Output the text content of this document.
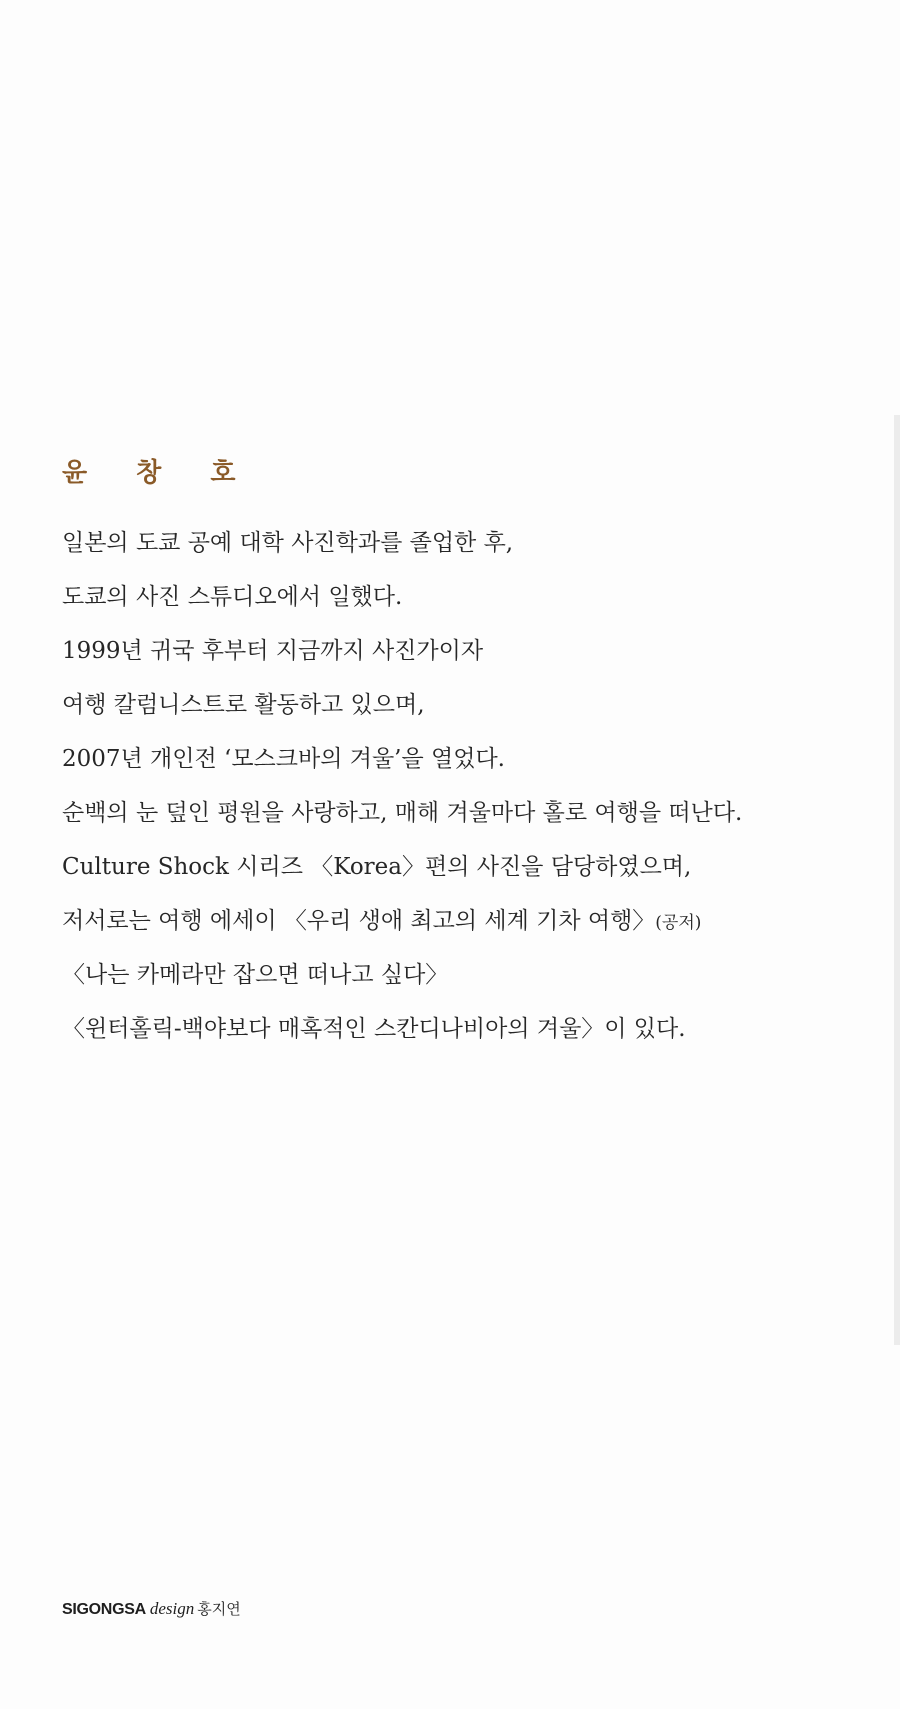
윤 창 호
일본의 도쿄 공예 대학 사진학과를 졸업한 후,
도쿄의 사진 스튜디오에서 일했다.
1999년 귀국 후부터 지금까지 사진가이자
여행 칼럼니스트로 활동하고 있으며,
2007년 개인전 ‘모스크바의 겨울’을 열었다.
순백의 눈 덮인 평원을 사랑하고, 매해 겨울마다 홀로 여행을 떠난다.
Culture Shock 시리즈 〈Korea〉편의 사진을 담당하였으며,
저서로는 여행 에세이 〈우리 생애 최고의 세계 기차 여행〉(공저)
〈나는 카메라만 잡으면 떠나고 싶다〉
〈윈터홀릭-백야보다 매혹적인 스칸디나비아의 겨울〉이 있다.
SIGONGSA design 홍지연
